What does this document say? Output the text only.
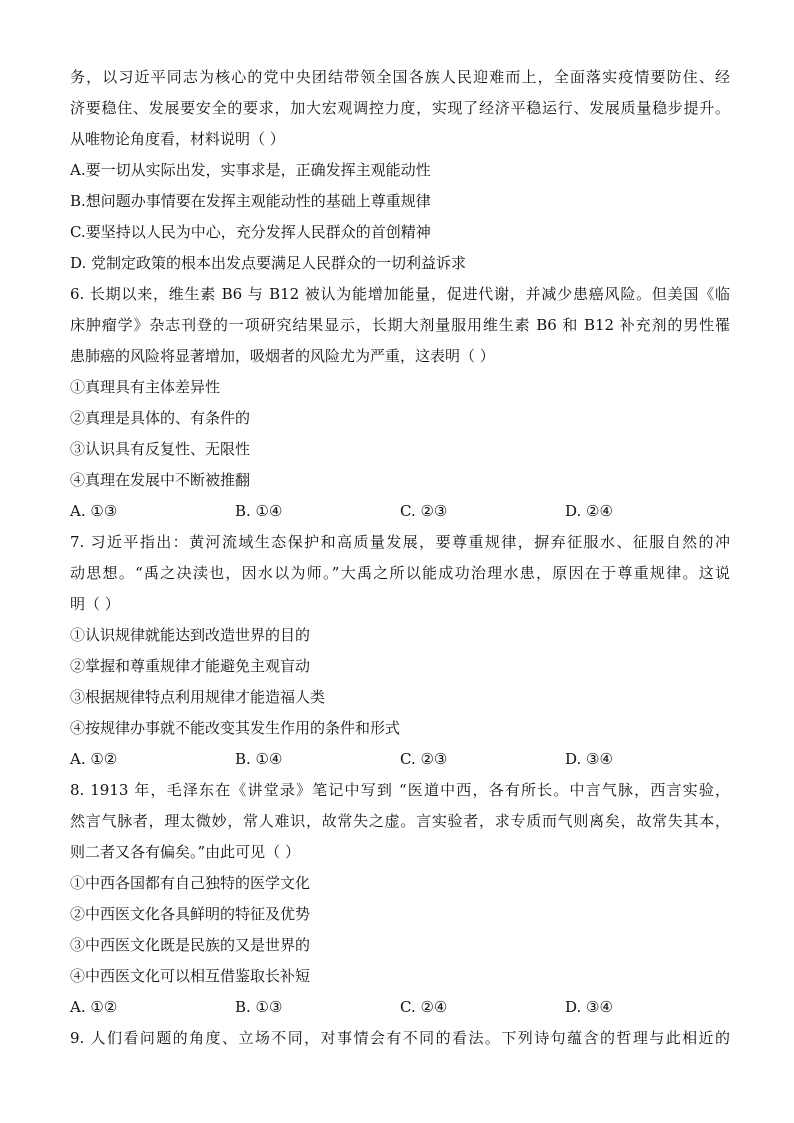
务，以习近平同志为核心的党中央团结带领全国各族人民迎难而上，全面落实疫情要防住、经
济要稳住、发展要安全的要求，加大宏观调控力度，实现了经济平稳运行、发展质量稳步提升。
从唯物论角度看，材料说明（ ）
A.要一切从实际出发，实事求是，正确发挥主观能动性
B.想问题办事情要在发挥主观能动性的基础上尊重规律
C.要坚持以人民为中心，充分发挥人民群众的首创精神
D. 党制定政策的根本出发点要满足人民群众的一切利益诉求
6. 长期以来，维生素 B6 与 B12 被认为能增加能量，促进代谢，并减少患癌风险。但美国《临
床肿瘤学》杂志刊登的一项研究结果显示，长期大剂量服用维生素 B6 和 B12 补充剂的男性罹
患肺癌的风险将显著增加，吸烟者的风险尤为严重，这表明（ ）
①真理具有主体差异性
②真理是具体的、有条件的
③认识具有反复性、无限性
④真理在发展中不断被推翻
A. ①③	B. ①④	C. ②③	D. ②④
7. 习近平指出：黄河流域生态保护和高质量发展，要尊重规律，摒弃征服水、征服自然的冲
动思想。“禹之决渎也，因水以为师。”大禹之所以能成功治理水患，原因在于尊重规律。这说
明（ ）
①认识规律就能达到改造世界的目的
②掌握和尊重规律才能避免主观盲动
③根据规律特点利用规律才能造福人类
④按规律办事就不能改变其发生作用的条件和形式
A. ①②	B. ①④	C. ②③	D. ③④
8. 1913 年，毛泽东在《讲堂录》笔记中写到 “医道中西，各有所长。中言气脉，西言实验，
然言气脉者，理太微妙，常人难识，故常失之虚。言实验者，求专质而气则离矣，故常失其本，
则二者又各有偏矣。”由此可见（ ）
①中西各国都有自己独特的医学文化
②中西医文化各具鲜明的特征及优势
③中西医文化既是民族的又是世界的
④中西医文化可以相互借鉴取长补短
A. ①②	B. ①③	C. ②④	D. ③④
9. 人们看问题的角度、立场不同，对事情会有不同的看法。下列诗句蕴含的哲理与此相近的
